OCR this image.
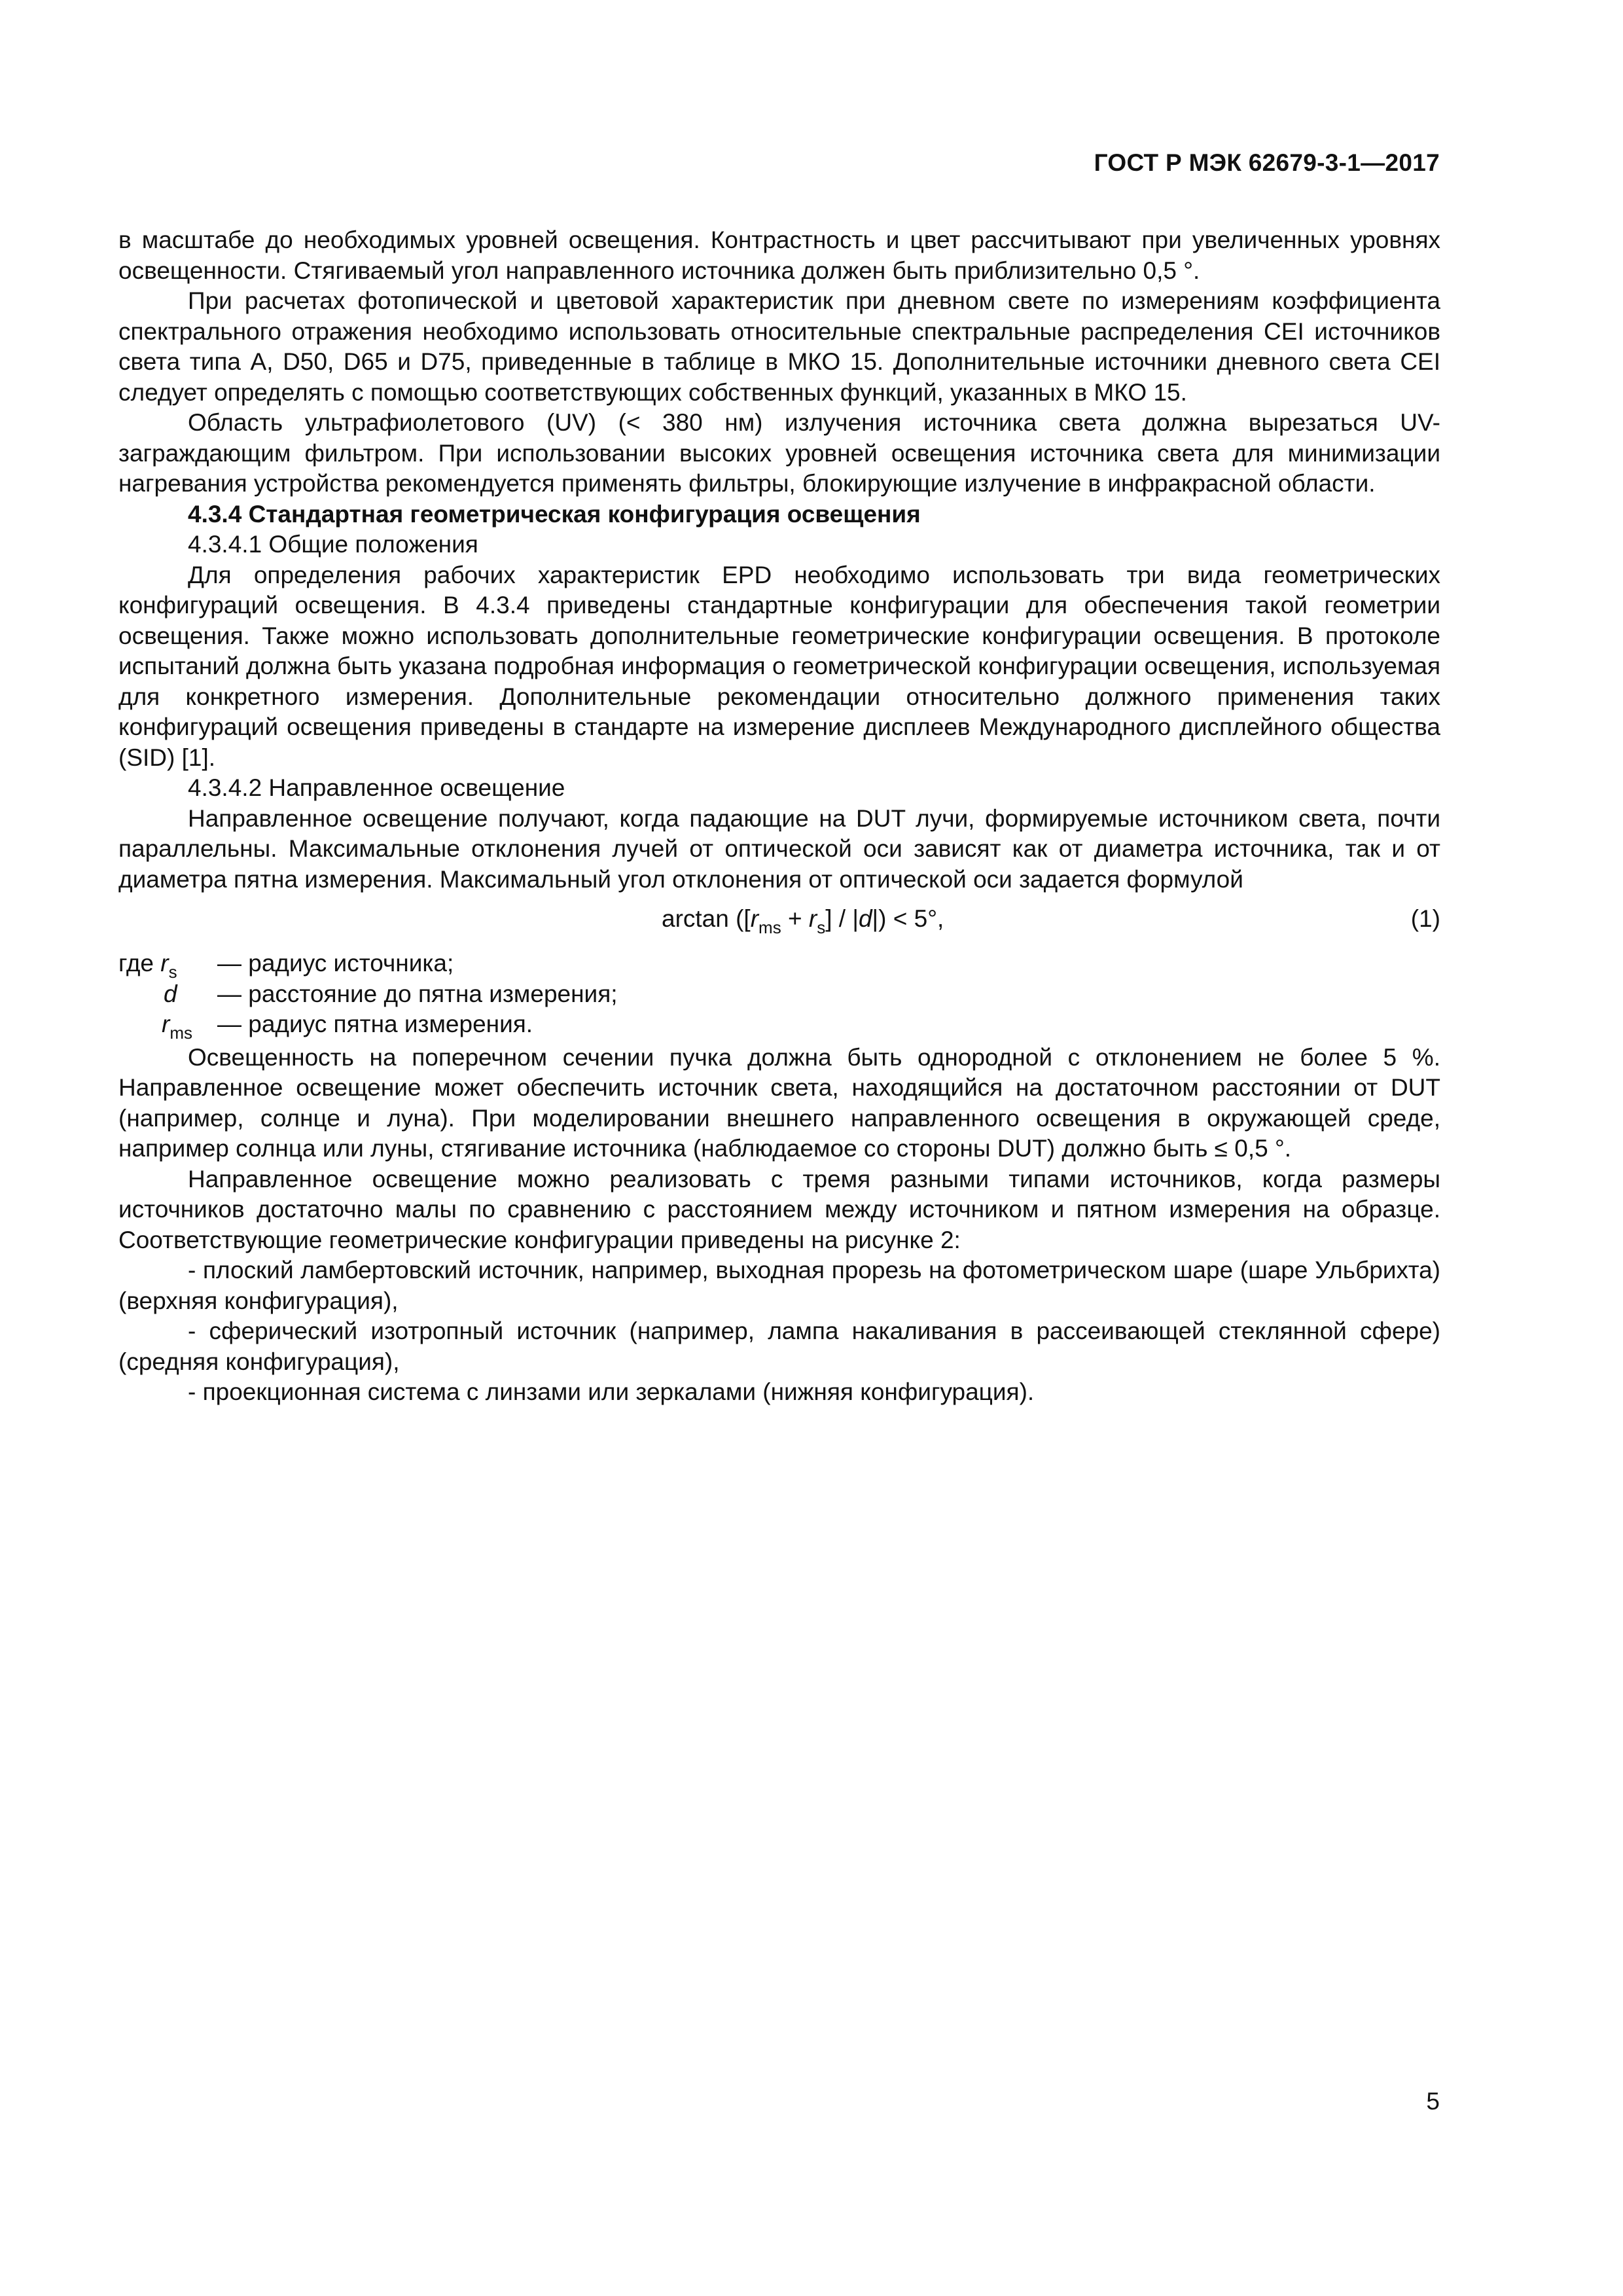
ГОСТ Р МЭК 62679-3-1—2017

в масштабе до необходимых уровней освещения. Контрастность и цвет рассчитывают при увеличенных уровнях освещенности. Стягиваемый угол направленного источника должен быть приблизительно 0,5 °.

При расчетах фотопической и цветовой характеристик при дневном свете по измерениям коэффициента спектрального отражения необходимо использовать относительные спектральные распределения CEI источников света типа A, D50, D65 и D75, приведенные в таблице в МКО 15. Дополнительные источники дневного света CEI следует определять с помощью соответствующих собственных функций, указанных в МКО 15.

Область ультрафиолетового (UV) (< 380 нм) излучения источника света должна вырезаться UV-заграждающим фильтром. При использовании высоких уровней освещения источника света для минимизации нагревания устройства рекомендуется применять фильтры, блокирующие излучение в инфракрасной области.

4.3.4 Стандартная геометрическая конфигурация освещения

4.3.4.1 Общие положения

Для определения рабочих характеристик EPD необходимо использовать три вида геометрических конфигураций освещения. В 4.3.4 приведены стандартные конфигурации для обеспечения такой геометрии освещения. Также можно использовать дополнительные геометрические конфигурации освещения. В протоколе испытаний должна быть указана подробная информация о геометрической конфигурации освещения, используемая для конкретного измерения. Дополнительные рекомендации относительно должного применения таких конфигураций освещения приведены в стандарте на измерение дисплеев Международного дисплейного общества (SID) [1].

4.3.4.2 Направленное освещение

Направленное освещение получают, когда падающие на DUT лучи, формируемые источником света, почти параллельны. Максимальные отклонения лучей от оптической оси зависят как от диаметра источника, так и от диаметра пятна измерения. Максимальный угол отклонения от оптической оси задается формулой

$\arctan ([r_{ms} + r_s] / |d|) < 5^\circ$,	(1)
где $r_s$ — радиус источника;
d — расстояние до пятна измерения;
$r_{ms}$ — радиус пятна измерения.

Освещенность на поперечном сечении пучка должна быть однородной с отклонением не более 5 %. Направленное освещение может обеспечить источник света, находящийся на достаточном расстоянии от DUT (например, солнце и луна). При моделировании внешнего направленного освещения в окружающей среде, например солнца или луны, стягивание источника (наблюдаемое со стороны DUT) должно быть ≤ 0,5 °.

Направленное освещение можно реализовать с тремя разными типами источников, когда размеры источников достаточно малы по сравнению с расстоянием между источником и пятном измерения на образце. Соответствующие геометрические конфигурации приведены на рисунке 2:

- плоский ламбертовский источник, например, выходная прорезь на фотометрическом шаре (шаре Ульбрихта) (верхняя конфигурация),

- сферический изотропный источник (например, лампа накаливания в рассеивающей стеклянной сфере) (средняя конфигурация),

- проекционная система с линзами или зеркалами (нижняя конфигурация).

5
